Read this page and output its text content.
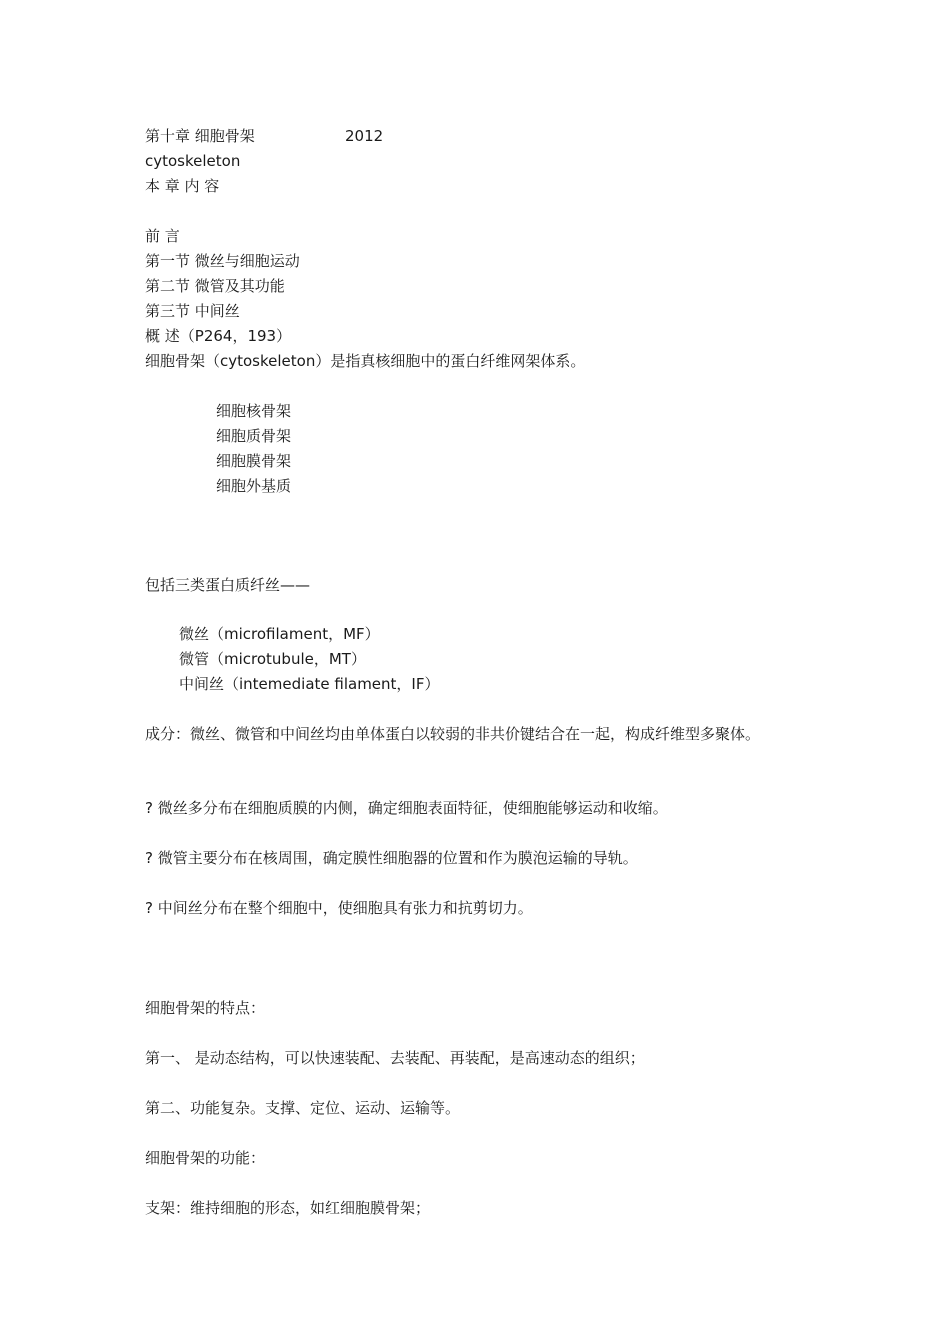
第十章 细胞骨架	2012
cytoskeleton
本 章 内 容
前 言
第一节 微丝与细胞运动
第二节 微管及其功能
第三节 中间丝
概 述（P264，193）
细胞骨架（cytoskeleton）是指真核细胞中的蛋白纤维网架体系。
细胞核骨架
细胞质骨架
细胞膜骨架
细胞外基质
包括三类蛋白质纤丝——
微丝（microfilament，MF）
微管（microtubule，MT）
中间丝（intemediate filament，IF）
成分：微丝、微管和中间丝均由单体蛋白以较弱的非共价键结合在一起，构成纤维型多聚体。
? 微丝多分布在细胞质膜的内侧，确定细胞表面特征，使细胞能够运动和收缩。
? 微管主要分布在核周围，确定膜性细胞器的位置和作为膜泡运输的导轨。
? 中间丝分布在整个细胞中，使细胞具有张力和抗剪切力。
细胞骨架的特点：
第一、 是动态结构，可以快速装配、去装配、再装配，是高速动态的组织；
第二、功能复杂。支撑、定位、运动、运输等。
细胞骨架的功能：
支架：维持细胞的形态，如红细胞膜骨架；
